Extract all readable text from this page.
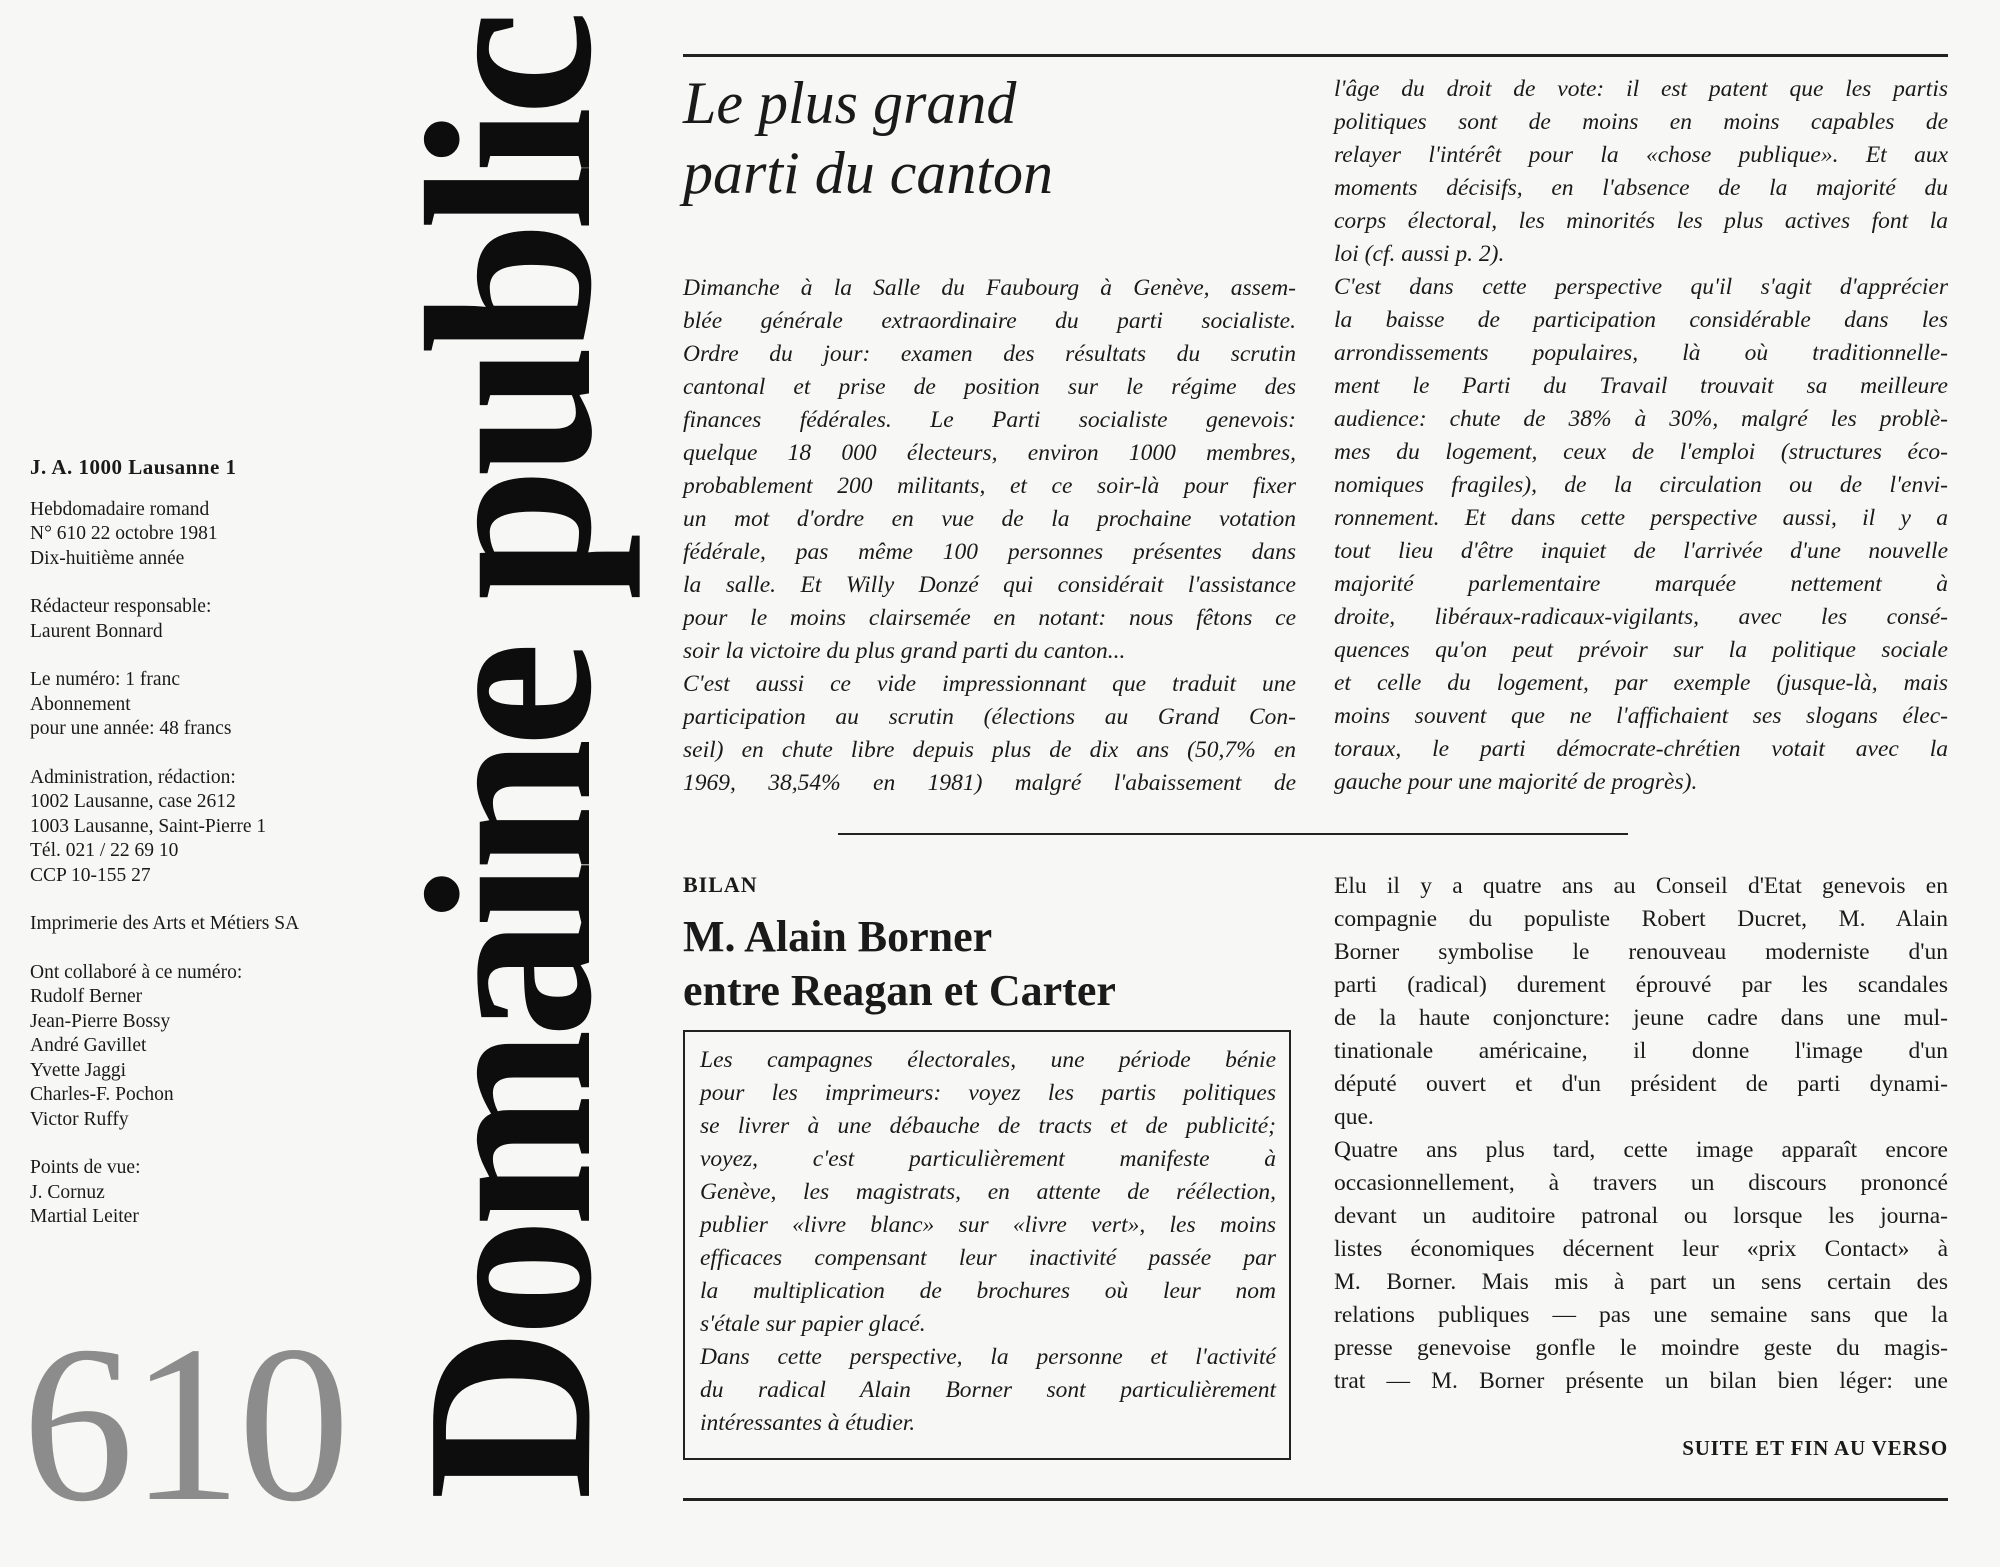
J. A. 1000 Lausanne 1
Hebdomadaire romand
N° 610 22 octobre 1981
Dix-huitième année
Rédacteur responsable:
Laurent Bonnard
Le numéro: 1 franc
Abonnement
pour une année: 48 francs
Administration, rédaction:
1002 Lausanne, case 2612
1003 Lausanne, Saint-Pierre 1
Tél. 021 / 22 69 10
CCP 10-155 27
Imprimerie des Arts et Métiers SA
Ont collaboré à ce numéro:
Rudolf Berner
Jean-Pierre Bossy
André Gavillet
Yvette Jaggi
Charles-F. Pochon
Victor Ruffy
Points de vue:
J. Cornuz
Martial Leiter
610 Domaine public Le plus grand
parti du canton
Dimanche à la Salle du Faubourg à Genève, assem-
blée générale extraordinaire du parti socialiste.
Ordre du jour: examen des résultats du scrutin
cantonal et prise de position sur le régime des
finances fédérales. Le Parti socialiste genevois:
quelque 18 000 électeurs, environ 1000 membres,
probablement 200 militants, et ce soir-là pour fixer
un mot d'ordre en vue de la prochaine votation
fédérale, pas même 100 personnes présentes dans
la salle. Et Willy Donzé qui considérait l'assistance
pour le moins clairsemée en notant: nous fêtons ce
soir la victoire du plus grand parti du canton...
C'est aussi ce vide impressionnant que traduit une
participation au scrutin (élections au Grand Con-
seil) en chute libre depuis plus de dix ans (50,7% en
1969, 38,54% en 1981) malgré l'abaissement de
l'âge du droit de vote: il est patent que les partis
politiques sont de moins en moins capables de
relayer l'intérêt pour la «chose publique». Et aux
moments décisifs, en l'absence de la majorité du
corps électoral, les minorités les plus actives font la
loi (cf. aussi p. 2).
C'est dans cette perspective qu'il s'agit d'apprécier
la baisse de participation considérable dans les
arrondissements populaires, là où traditionnelle-
ment le Parti du Travail trouvait sa meilleure
audience: chute de 38% à 30%, malgré les problè-
mes du logement, ceux de l'emploi (structures éco-
nomiques fragiles), de la circulation ou de l'envi-
ronnement. Et dans cette perspective aussi, il y a
tout lieu d'être inquiet de l'arrivée d'une nouvelle
majorité parlementaire marquée nettement à
droite, libéraux-radicaux-vigilants, avec les consé-
quences qu'on peut prévoir sur la politique sociale
et celle du logement, par exemple (jusque-là, mais
moins souvent que ne l'affichaient ses slogans élec-
toraux, le parti démocrate-chrétien votait avec la
gauche pour une majorité de progrès).
BILAN
M. Alain Borner
entre Reagan et Carter
Les campagnes électorales, une période bénie
pour les imprimeurs: voyez les partis politiques
se livrer à une débauche de tracts et de publicité;
voyez, c'est particulièrement manifeste à
Genève, les magistrats, en attente de réélection,
publier «livre blanc» sur «livre vert», les moins
efficaces compensant leur inactivité passée par
la multiplication de brochures où leur nom
s'étale sur papier glacé.
Dans cette perspective, la personne et l'activité
du radical Alain Borner sont particulièrement
intéressantes à étudier.
Elu il y a quatre ans au Conseil d'Etat genevois en
compagnie du populiste Robert Ducret, M. Alain
Borner symbolise le renouveau moderniste d'un
parti (radical) durement éprouvé par les scandales
de la haute conjoncture: jeune cadre dans une mul-
tinationale américaine, il donne l'image d'un
député ouvert et d'un président de parti dynami-
que.
Quatre ans plus tard, cette image apparaît encore
occasionnellement, à travers un discours prononcé
devant un auditoire patronal ou lorsque les journa-
listes économiques décernent leur «prix Contact» à
M. Borner. Mais mis à part un sens certain des
relations publiques — pas une semaine sans que la
presse genevoise gonfle le moindre geste du magis-
trat — M. Borner présente un bilan bien léger: une
SUITE ET FIN AU VERSO
